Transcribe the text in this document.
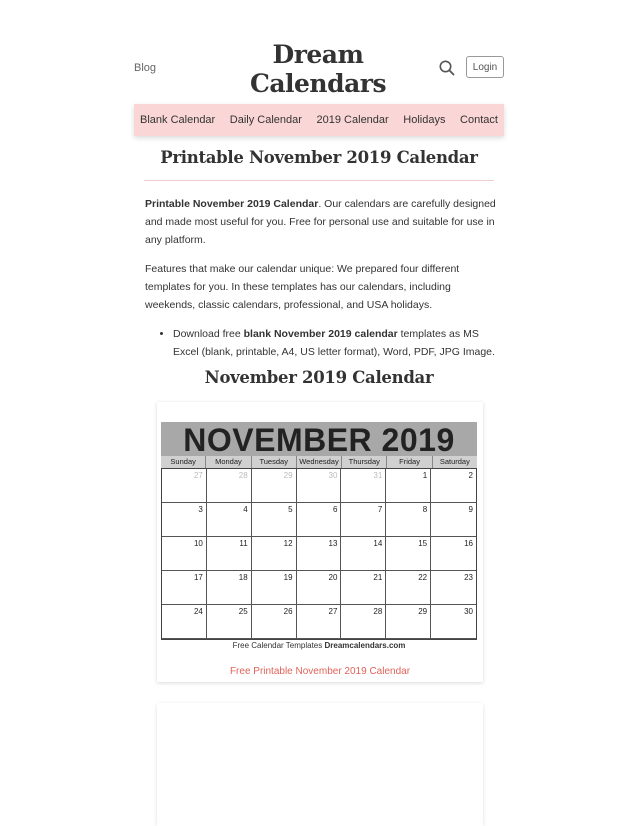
Blog	Dream
Calendars
Login
Blank Calendar Daily Calendar 2019 Calendar Holidays Contact
Printable November 2019 Calendar

Printable November 2019 Calendar. Our calendars are carefully designed and made most useful for you. Free for personal use and suitable for use in any platform.

Features that make our calendar unique: We prepared four different templates for you. In these templates has our calendars, including weekends, classic calendars, professional, and USA holidays.

• Download free blank November 2019 calendar templates as MS Excel (blank, printable, A4, US letter format), Word, PDF, JPG Image.
November 2019 Calendar
NOVEMBER 2019
Sunday	Monday	Tuesday	Wednesday	Thursday	Friday	Saturday
27	28	29	30	31	1	2
3	4	5	6	7	8	9
10	11	12	13	14	15	16
17	18	19	20	21	22	23
24	25	26	27	28	29	30
Free Calendar Templates Dreamcalendars.com
Free Printable November 2019 Calendar
